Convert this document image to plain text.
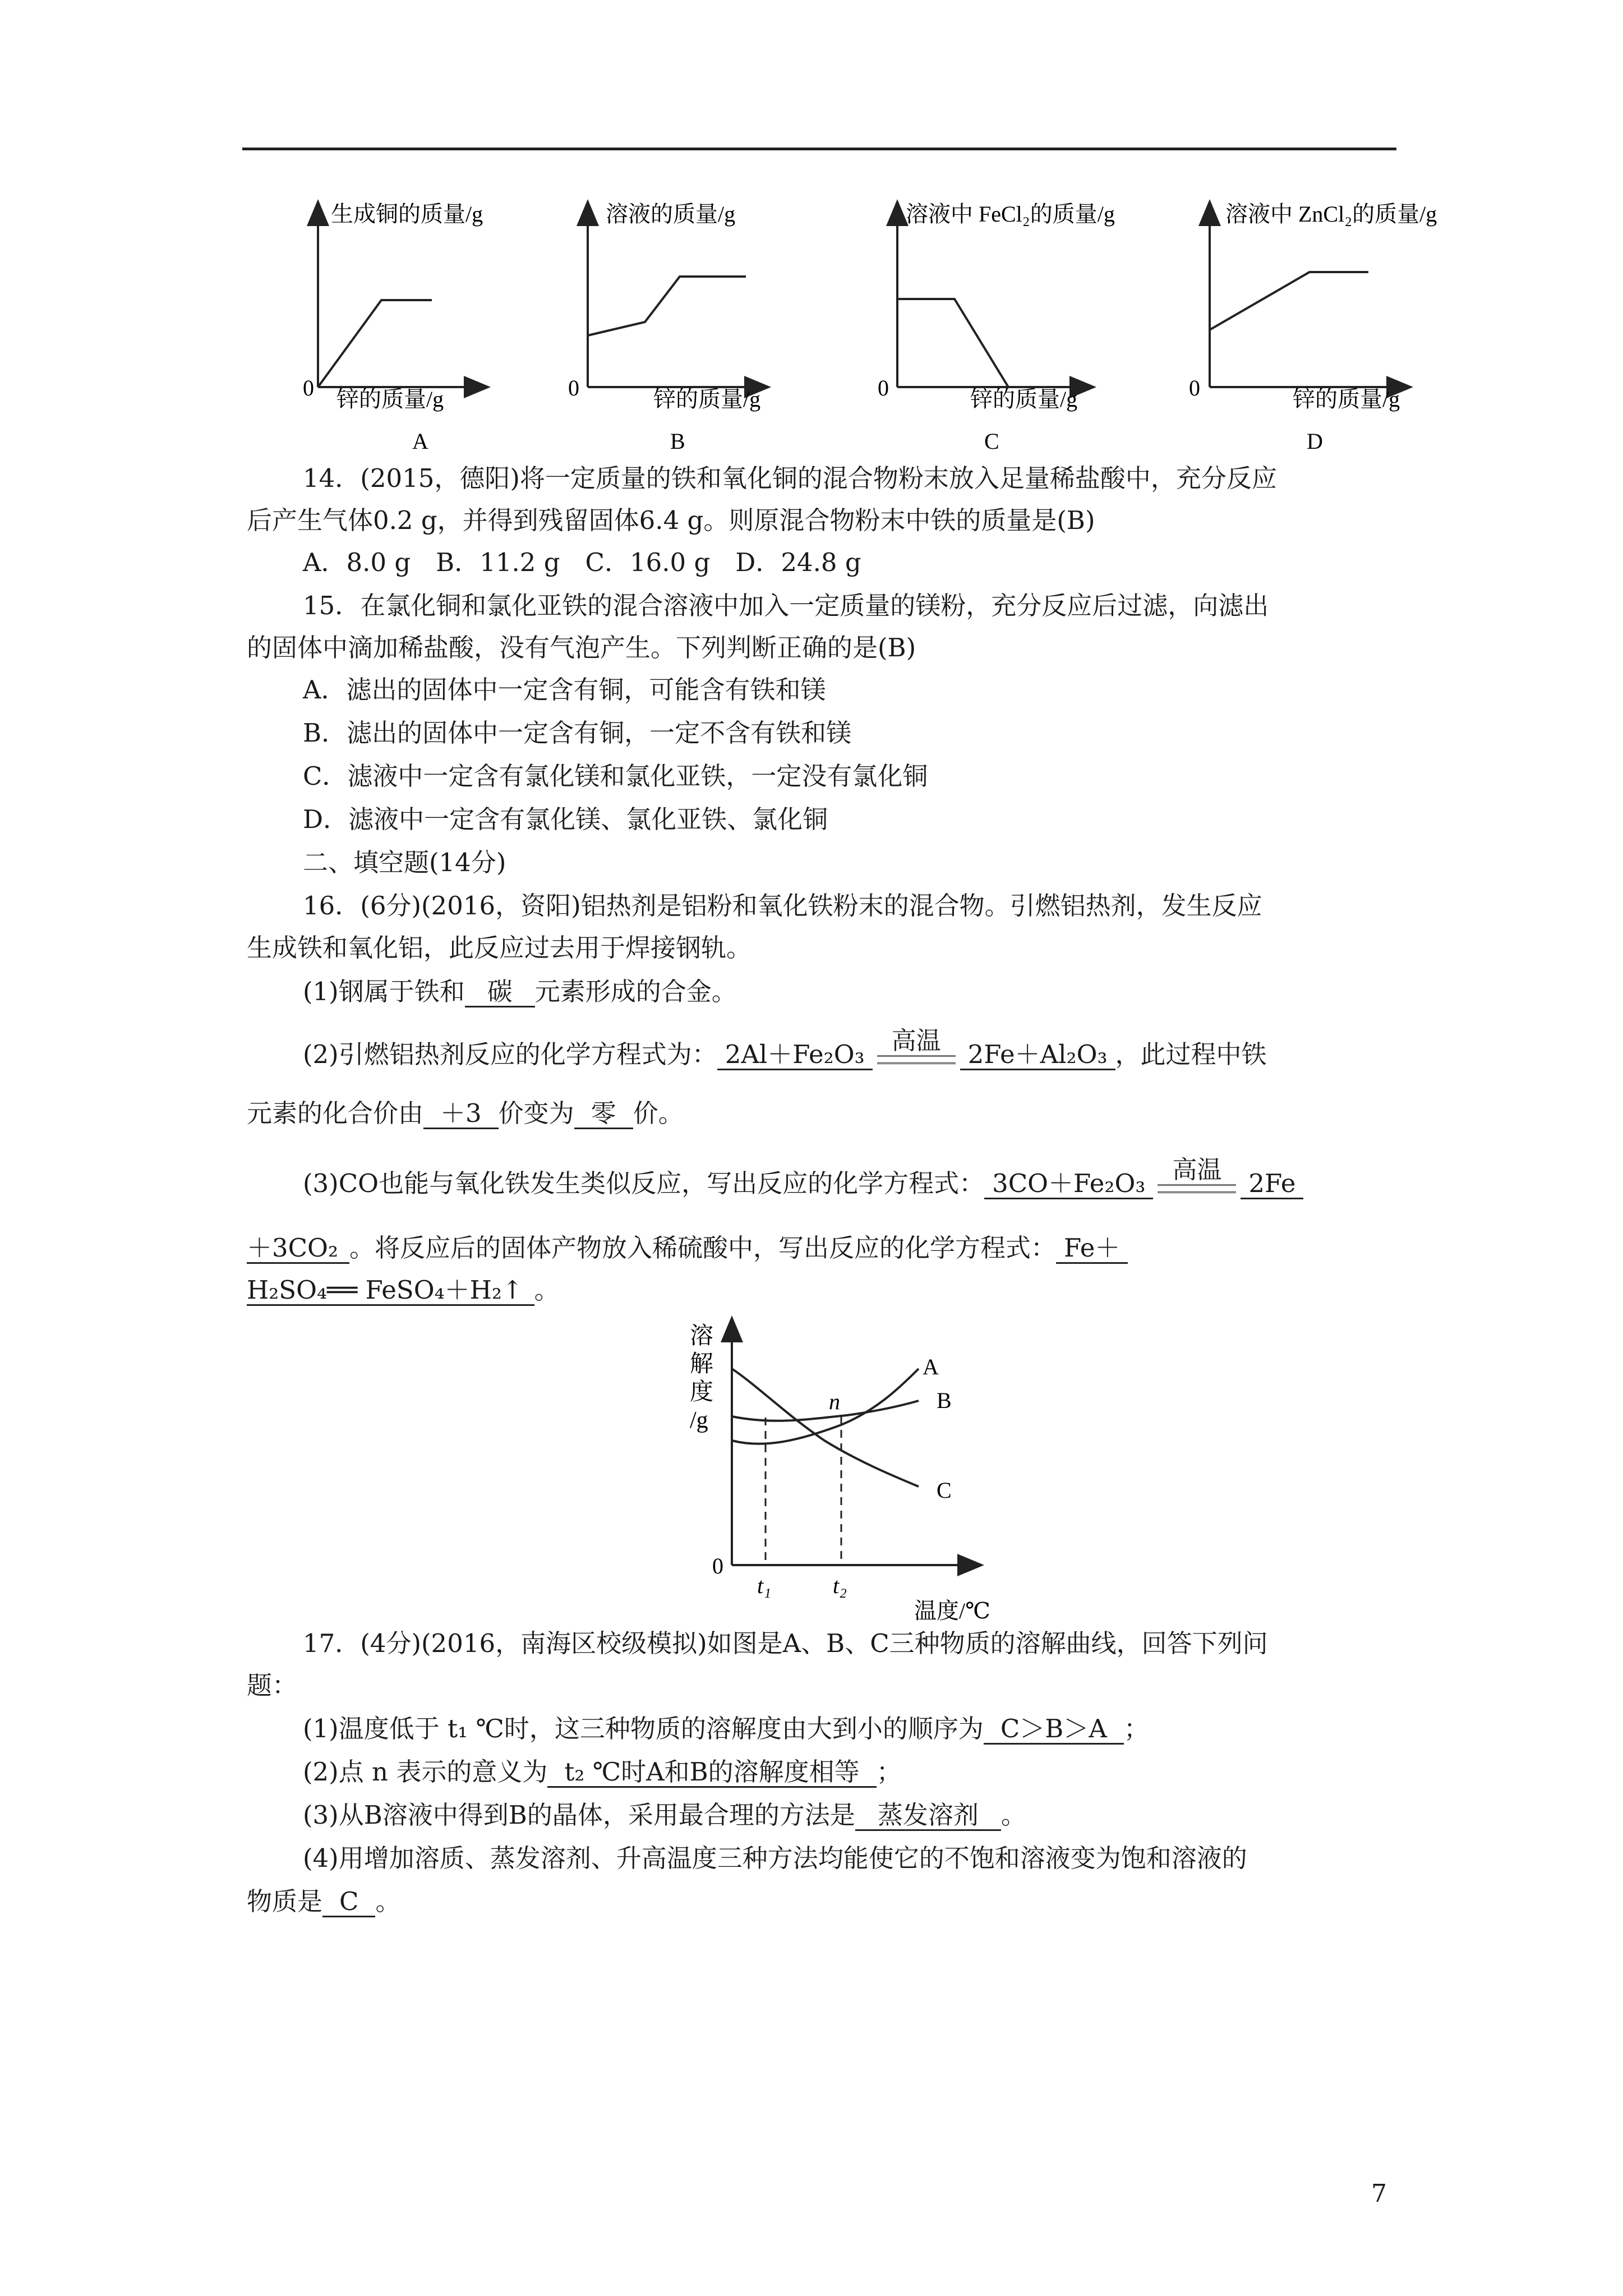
生成铜的质量/g
0 锌的质量/g
A
溶液的质量/g
0	锌的质量/g
B
溶液中 FeCl₂的质量/g
0	锌的质量/g
C
溶液中 ZnCl₂的质量/g
0	锌的质量/g
D
14．(2015，德阳)将一定质量的铁和氧化铜的混合物粉末放入足量稀盐酸中，充分反应
后产生气体0.2 g，并得到残留固体6.4 g。则原混合物粉末中铁的质量是(B)
A．8.0 g　B．11.2 g　C．16.0 g　D．24.8 g
15．在氯化铜和氯化亚铁的混合溶液中加入一定质量的镁粉，充分反应后过滤，向滤出
的固体中滴加稀盐酸，没有气泡产生。下列判断正确的是(B)
A．滤出的固体中一定含有铜，可能含有铁和镁
B．滤出的固体中一定含有铜，一定不含有铁和镁
C．滤液中一定含有氯化镁和氯化亚铁，一定没有氯化铜
D．滤液中一定含有氯化镁、氯化亚铁、氯化铜
二、填空题(14分)
16．(6分)(2016，资阳)铝热剂是铝粉和氧化铁粉末的混合物。引燃铝热剂，发生反应
生成铁和氧化铝，此反应过去用于焊接钢轨。
(1)钢属于铁和 碳 元素形成的合金。
(2)引燃铝热剂反应的化学方程式为： 2Al＋Fe₂O₃ 高温 2Fe＋Al₂O₃ ，此过程中铁
元素的化合价由 ＋3 价变为 零 价。
(3)CO也能与氧化铁发生类似反应，写出反应的化学方程式： 3CO＋Fe₂O₃ 高温 2Fe
＋3CO₂ 。将反应后的固体产物放入稀硫酸中，写出反应的化学方程式： Fe＋
H₂SO₄══ FeSO₄＋H₂↑ 。
溶
解
度
/g
0
t₁	t₂
温度/℃
n
A
B
C
17．(4分)(2016，南海区校级模拟)如图是A、B、C三种物质的溶解曲线，回答下列问
题：
(1)温度低于 t₁ ℃时，这三种物质的溶解度由大到小的顺序为 C＞B＞A ；
(2)点 n 表示的意义为 t₂ ℃时A和B的溶解度相等 ；
(3)从B溶液中得到B的晶体，采用最合理的方法是 蒸发溶剂 。
(4)用增加溶质、蒸发溶剂、升高温度三种方法均能使它的不饱和溶液变为饱和溶液的
物质是 C 。
7
